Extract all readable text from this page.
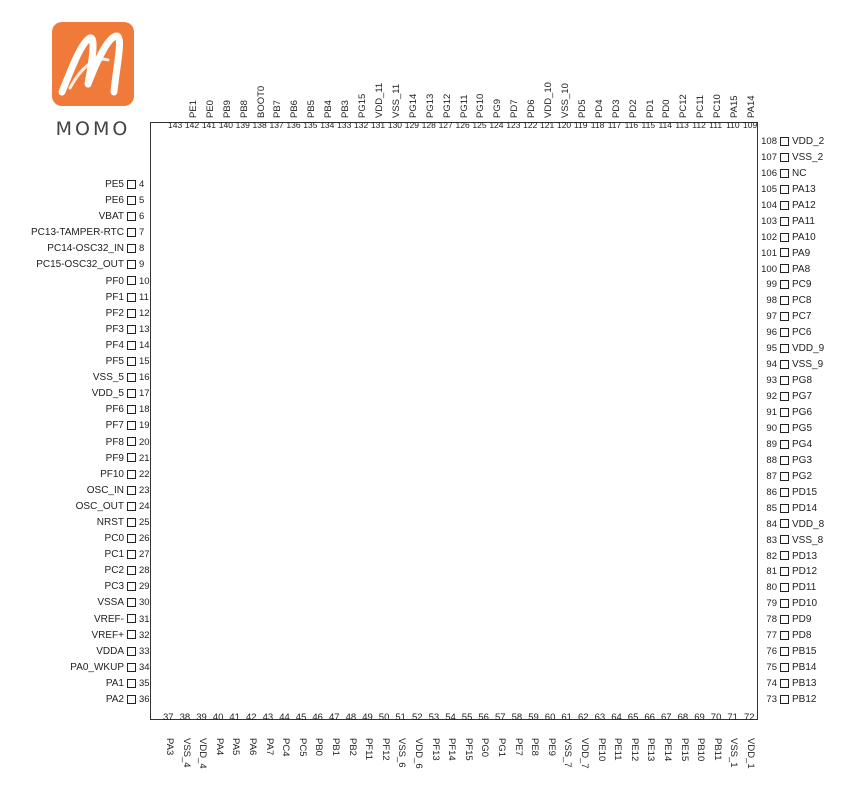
MOMO
PE5 4
PE6 5
VBAT 6
PC13-TAMPER-RTC 7
PC14-OSC32_IN 8
PC15-OSC32_OUT 9
PF0 10
PF1 11
PF2 12
PF3 13
PF4 14
PF5 15
VSS_5 16
VDD_5 17
PF6 18
PF7 19
PF8 20
PF9 21
PF10 22
OSC_IN 23
OSC_OUT 24
NRST 25
PC0 26
PC1 27
PC2 28
PC3 29
VSSA 30
VREF- 31
VREF+ 32
VDDA 33
PA0_WKUP 34
PA1 35
PA2 36
108 VDD_2
107 VSS_2
106 NC
105 PA13
104 PA12
103 PA11
102 PA10
101 PA9
100 PA8
99 PC9
98 PC8
97 PC7
96 PC6
95 VDD_9
94 VSS_9
93 PG8
92 PG7
91 PG6
90 PG5
89 PG4
88 PG3
87 PG2
86 PD15
85 PD14
84 VDD_8
83 VSS_8
82 PD13
81 PD12
80 PD11
79 PD10
78 PD9
77 PD8
76 PB15
75 PB14
74 PB13
73 PB12
PA14
109
PA15
110
PC10
111
PC11
112
PC12
113
PD0
114
PD1
115
PD2
116
PD3
117
PD4
118
PD5
119
VSS_10
120
VDD_10
121
PD6
122
PD7
123
PG9
124
PG10
125
PG11
126
PG12
127
PG13
128
PG14
129
VSS_11
130
VDD_11
131
PG15
132
PB3
133
PB4
134
PB5
135
PB6
136
PB7
137
BOOT0
138
PB8
139
PB9
140
PE0
141
PE1
142
143
37
PA3
38
VSS_4
39
VDD_4
40
PA4
41
PA5
42
PA6
43
PA7
44
PC4
45
PC5
46
PB0
47
PB1
48
PB2
49
PF11
50
PF12
51
VSS_6
52
VDD_6
53
PF13
54
PF14
55
PF15
56
PG0
57
PG1
58
PE7
59
PE8
60
PE9
61
VSS_7
62
VDD_7
63
PE10
64
PE11
65
PE12
66
PE13
67
PE14
68
PE15
69
PB10
70
PB11
71
VSS_1
72
VDD_1
